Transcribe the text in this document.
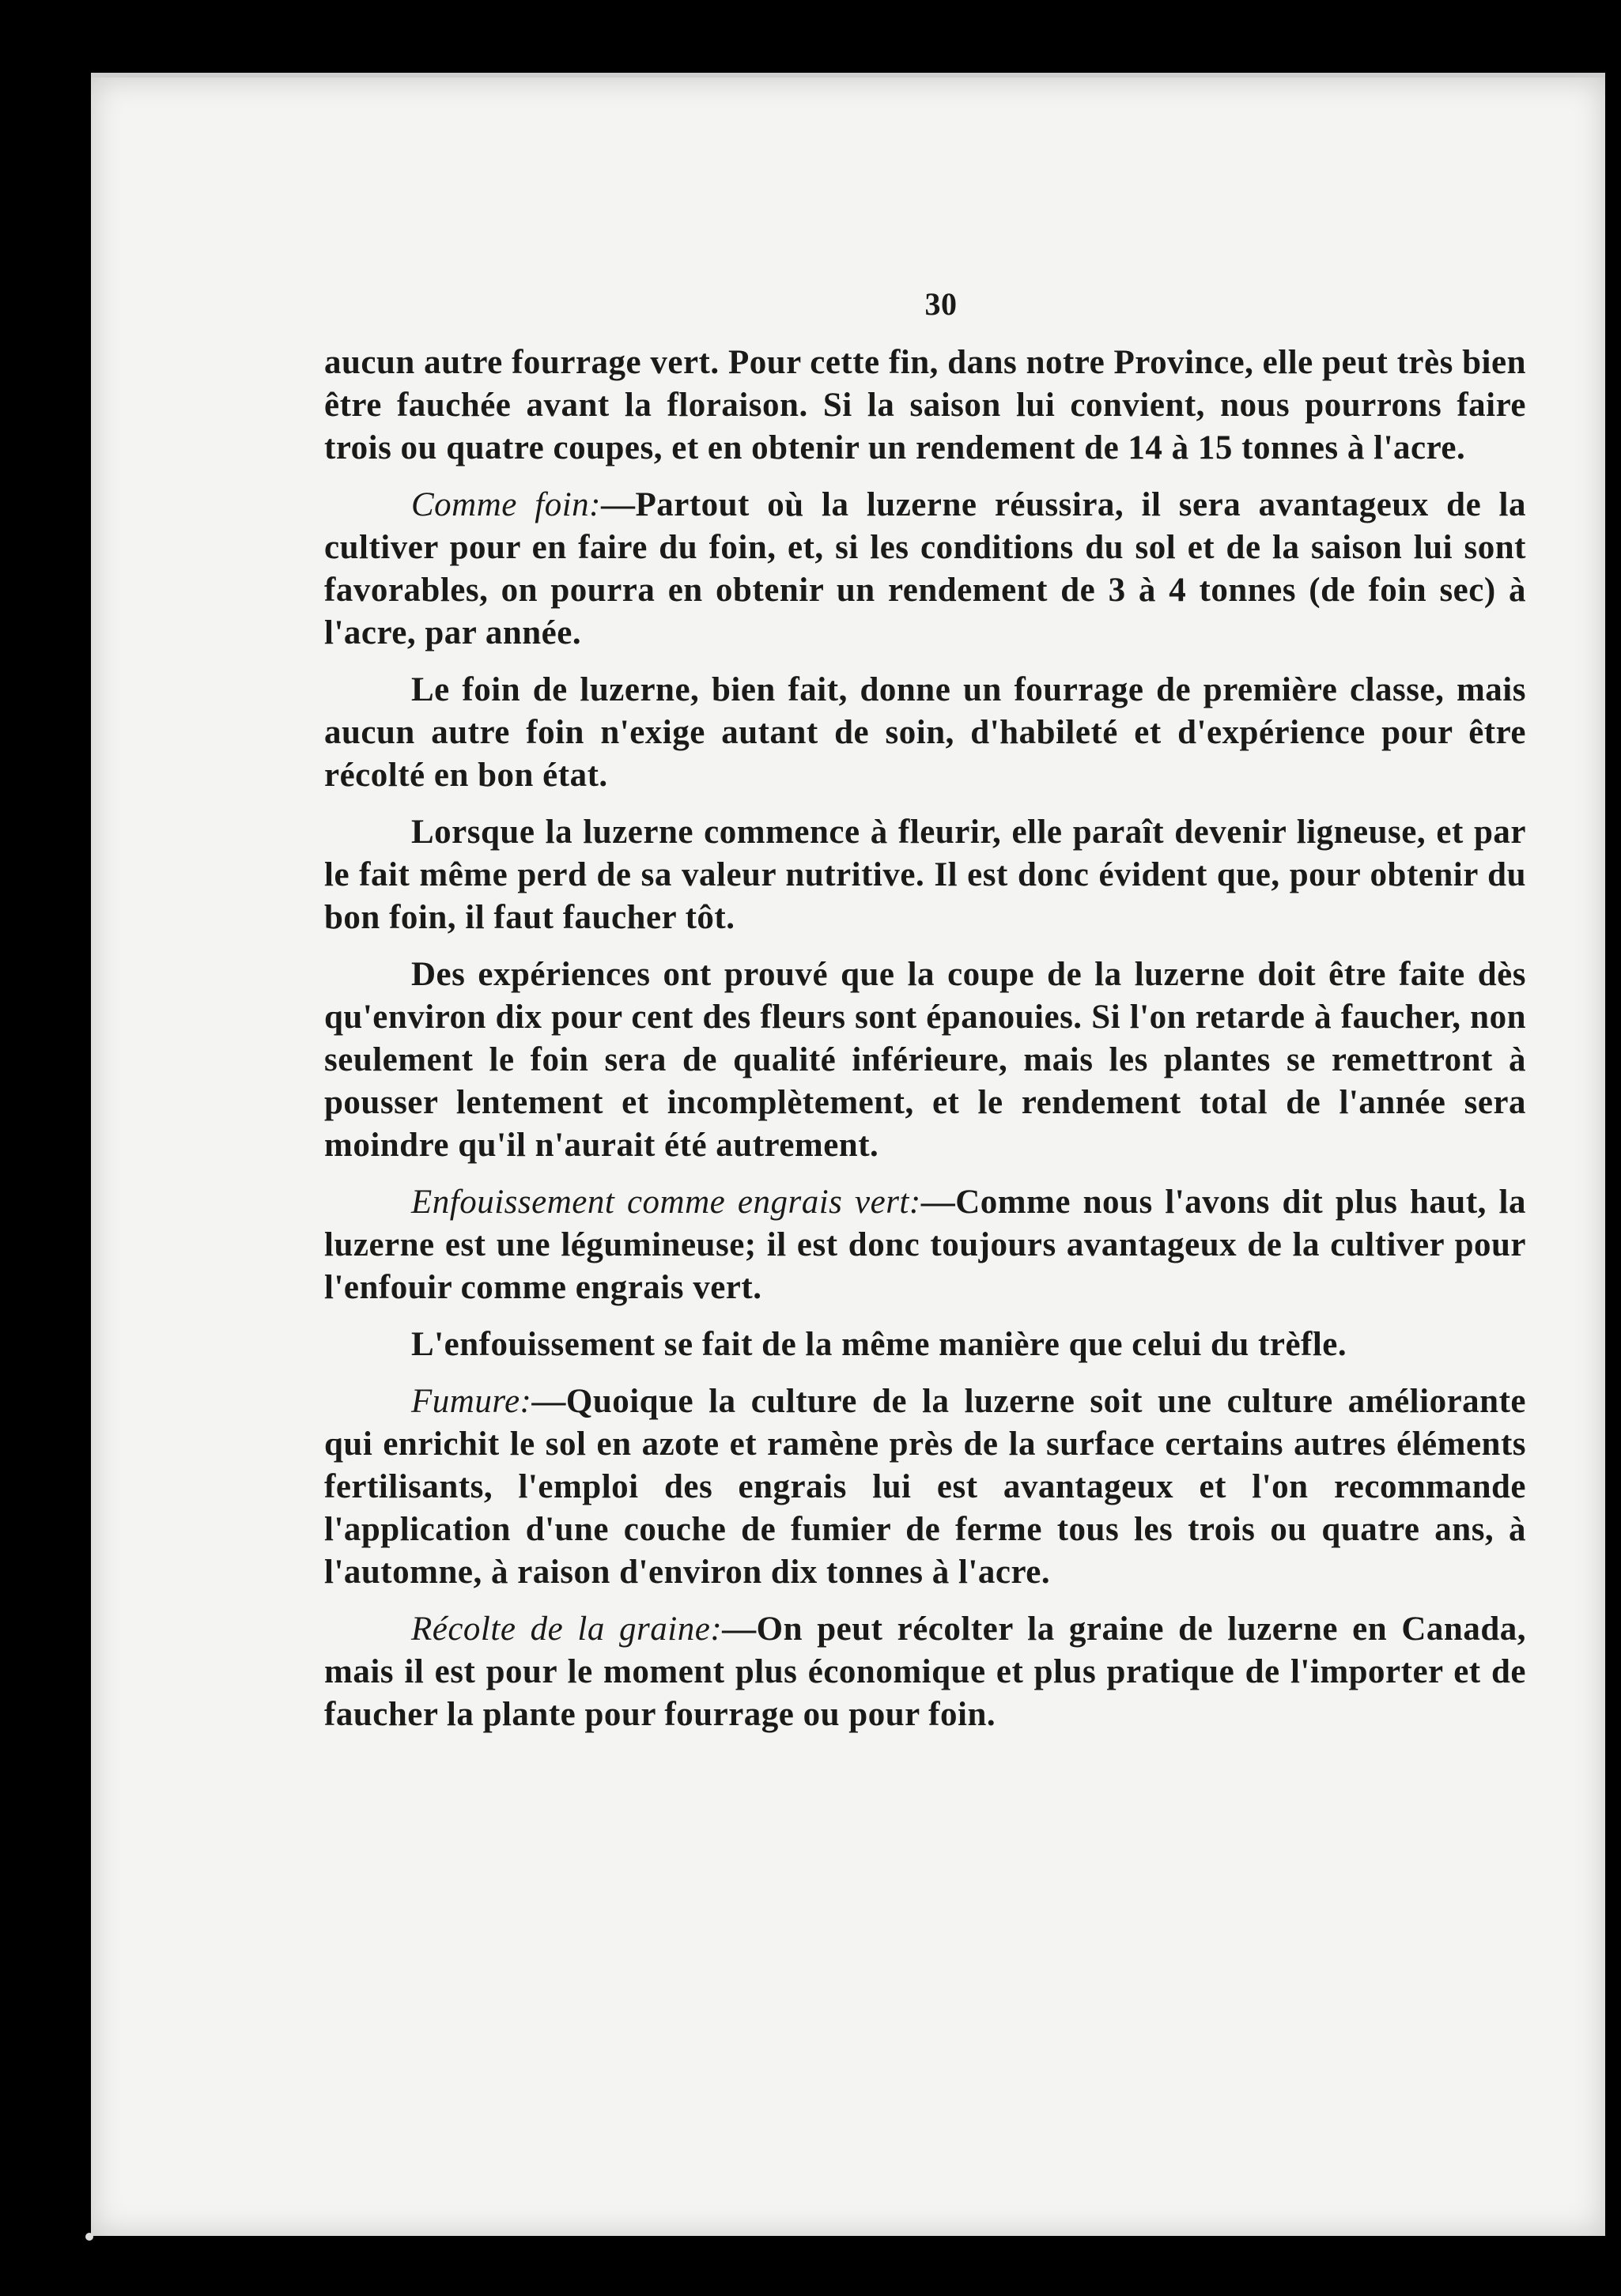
30

aucun autre fourrage vert. Pour cette fin, dans notre Province, elle peut très bien être fauchée avant la floraison. Si la saison lui convient, nous pourrons faire trois ou quatre coupes, et en obtenir un rendement de 14 à 15 tonnes à l'acre.

Comme foin:—Partout où la luzerne réussira, il sera avantageux de la cultiver pour en faire du foin, et, si les conditions du sol et de la saison lui sont favorables, on pourra en obtenir un rendement de 3 à 4 tonnes (de foin sec) à l'acre, par année.

Le foin de luzerne, bien fait, donne un fourrage de première classe, mais aucun autre foin n'exige autant de soin, d'habileté et d'expérience pour être récolté en bon état.

Lorsque la luzerne commence à fleurir, elle paraît devenir ligneuse, et par le fait même perd de sa valeur nutritive. Il est donc évident que, pour obtenir du bon foin, il faut faucher tôt.

Des expériences ont prouvé que la coupe de la luzerne doit être faite dès qu'environ dix pour cent des fleurs sont épanouies. Si l'on retarde à faucher, non seulement le foin sera de qualité inférieure, mais les plantes se remettront à pousser lentement et incomplètement, et le rendement total de l'année sera moindre qu'il n'aurait été autrement.

Enfouissement comme engrais vert:—Comme nous l'avons dit plus haut, la luzerne est une légumineuse; il est donc toujours avantageux de la cultiver pour l'enfouir comme engrais vert.

L'enfouissement se fait de la même manière que celui du trèfle.

Fumure:—Quoique la culture de la luzerne soit une culture améliorante qui enrichit le sol en azote et ramène près de la surface certains autres éléments fertilisants, l'emploi des engrais lui est avantageux et l'on recommande l'application d'une couche de fumier de ferme tous les trois ou quatre ans, à l'automne, à raison d'environ dix tonnes à l'acre.

Récolte de la graine:—On peut récolter la graine de luzerne en Canada, mais il est pour le moment plus économique et plus pratique de l'importer et de faucher la plante pour fourrage ou pour foin.
